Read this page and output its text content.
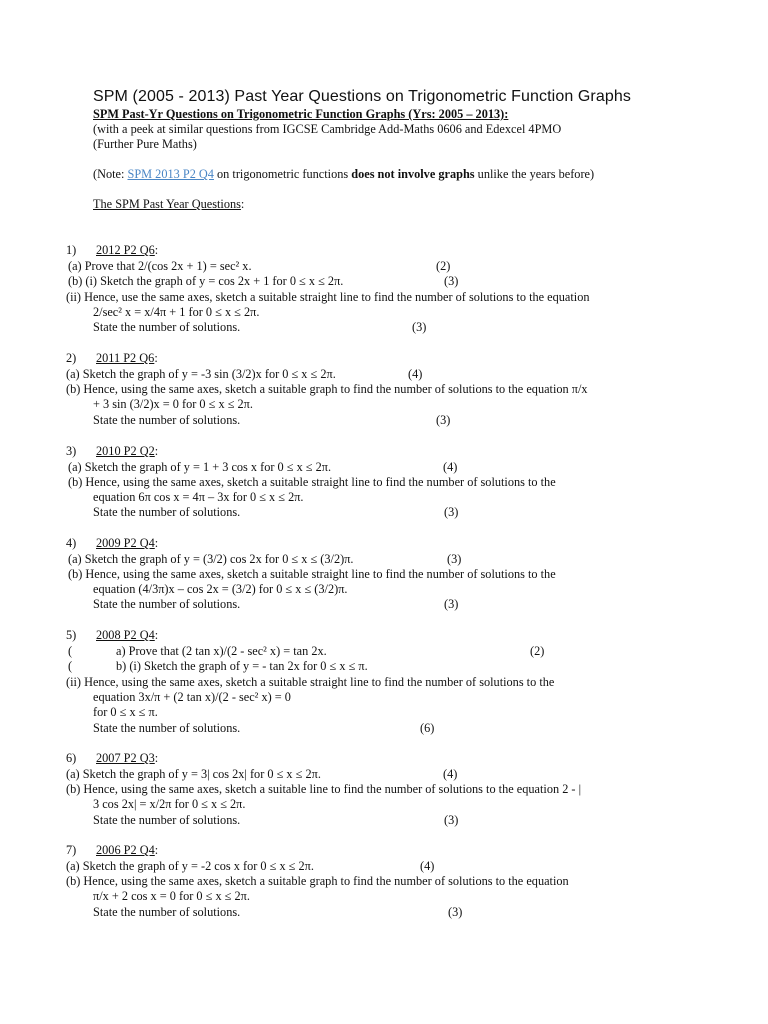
SPM (2005 - 2013) Past Year Questions on Trigonometric Function Graphs
SPM Past-Yr Questions on Trigonometric Function Graphs (Yrs: 2005 – 2013):
(with a peek at similar questions from IGCSE Cambridge Add-Maths 0606 and Edexcel 4PMO
(Further Pure Maths)
(Note: SPM 2013 P2 Q4 on trigonometric functions does not involve graphs unlike the years before)
The SPM Past Year Questions:
1) 2012 P2 Q6:
(a) Prove that 2/(cos 2x + 1) = sec² x.	(2)
(b) (i) Sketch the graph of y = cos 2x + 1 for 0 ≤ x ≤ 2π.	(3)
(ii) Hence, use the same axes, sketch a suitable straight line to find the number of solutions to the equation
2/sec² x = x/4π + 1 for 0 ≤ x ≤ 2π.
State the number of solutions.	(3)
2) 2011 P2 Q6:
(a) Sketch the graph of y = -3 sin (3/2)x for 0 ≤ x ≤ 2π.	(4)
(b) Hence, using the same axes, sketch a suitable graph to find the number of solutions to the equation π/x
+ 3 sin (3/2)x = 0 for 0 ≤ x ≤ 2π.
State the number of solutions.	(3)
3) 2010 P2 Q2:
(a) Sketch the graph of y = 1 + 3 cos x for 0 ≤ x ≤ 2π.	(4)
(b) Hence, using the same axes, sketch a suitable straight line to find the number of solutions to the
equation 6π cos x = 4π – 3x for 0 ≤ x ≤ 2π.
State the number of solutions.	(3)
4) 2009 P2 Q4:
(a) Sketch the graph of y = (3/2) cos 2x for 0 ≤ x ≤ (3/2)π.	(3)
(b) Hence, using the same axes, sketch a suitable straight line to find the number of solutions to the
equation (4/3π)x – cos 2x = (3/2) for 0 ≤ x ≤ (3/2)π.
State the number of solutions.	(3)
5) 2008 P2 Q4:
(	a) Prove that (2 tan x)/(2 - sec² x) = tan 2x.	(2)
(	b) (i) Sketch the graph of y = - tan 2x for 0 ≤ x ≤ π.
(ii) Hence, using the same axes, sketch a suitable straight line to find the number of solutions to the
equation 3x/π + (2 tan x)/(2 - sec² x) = 0
for 0 ≤ x ≤ π.
State the number of solutions.	(6)
6) 2007 P2 Q3:
(a) Sketch the graph of y = 3| cos 2x| for 0 ≤ x ≤ 2π.	(4)
(b) Hence, using the same axes, sketch a suitable line to find the number of solutions to the equation 2 - |
3 cos 2x| = x/2π for 0 ≤ x ≤ 2π.
State the number of solutions.	(3)
7) 2006 P2 Q4:
(a) Sketch the graph of y = -2 cos x for 0 ≤ x ≤ 2π.	(4)
(b) Hence, using the same axes, sketch a suitable graph to find the number of solutions to the equation
π/x + 2 cos x = 0 for 0 ≤ x ≤ 2π.
State the number of solutions.	(3)
